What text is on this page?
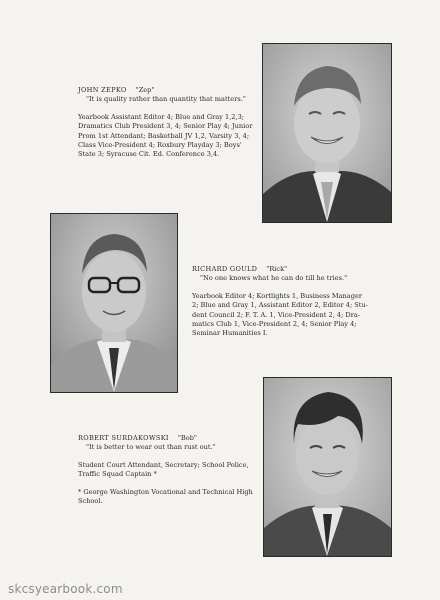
JOHN ZEPKO "Zep"

"It is quality rather than quantity that matters."

Yearbook Assistant Editor 4; Blue and Gray 1,2,3;

Dramatics Club President 3, 4; Senior Play 4; Junior

Prom 1st Attendant; Basketball JV 1,2, Varsity 3, 4;

Class Vice-President 4; Roxbury Playday 3; Boys'

State 3; Syracuse Cit. Ed. Conference 3,4.

RICHARD GOULD "Rick"

"No one knows what he can do till he tries."

Yearbook Editor 4; Kortlights 1, Business Manager

2; Blue and Gray 1, Assistant Editor 2, Editor 4; Stu-

dent Council 2; F. T. A. 1, Vice-President 2, 4; Dra-

matics Club 1, Vice-President 2, 4; Senior Play 4;

Seminar Humanities I.

ROBERT SURDAKOWSKI "Bob"

"It is better to wear out than rust out."

Student Court Attendant, Secretary; School Police,

Traffic Squad Captain *

* George Washington Vocational and Technical High

School.

skcsyearbook.com
